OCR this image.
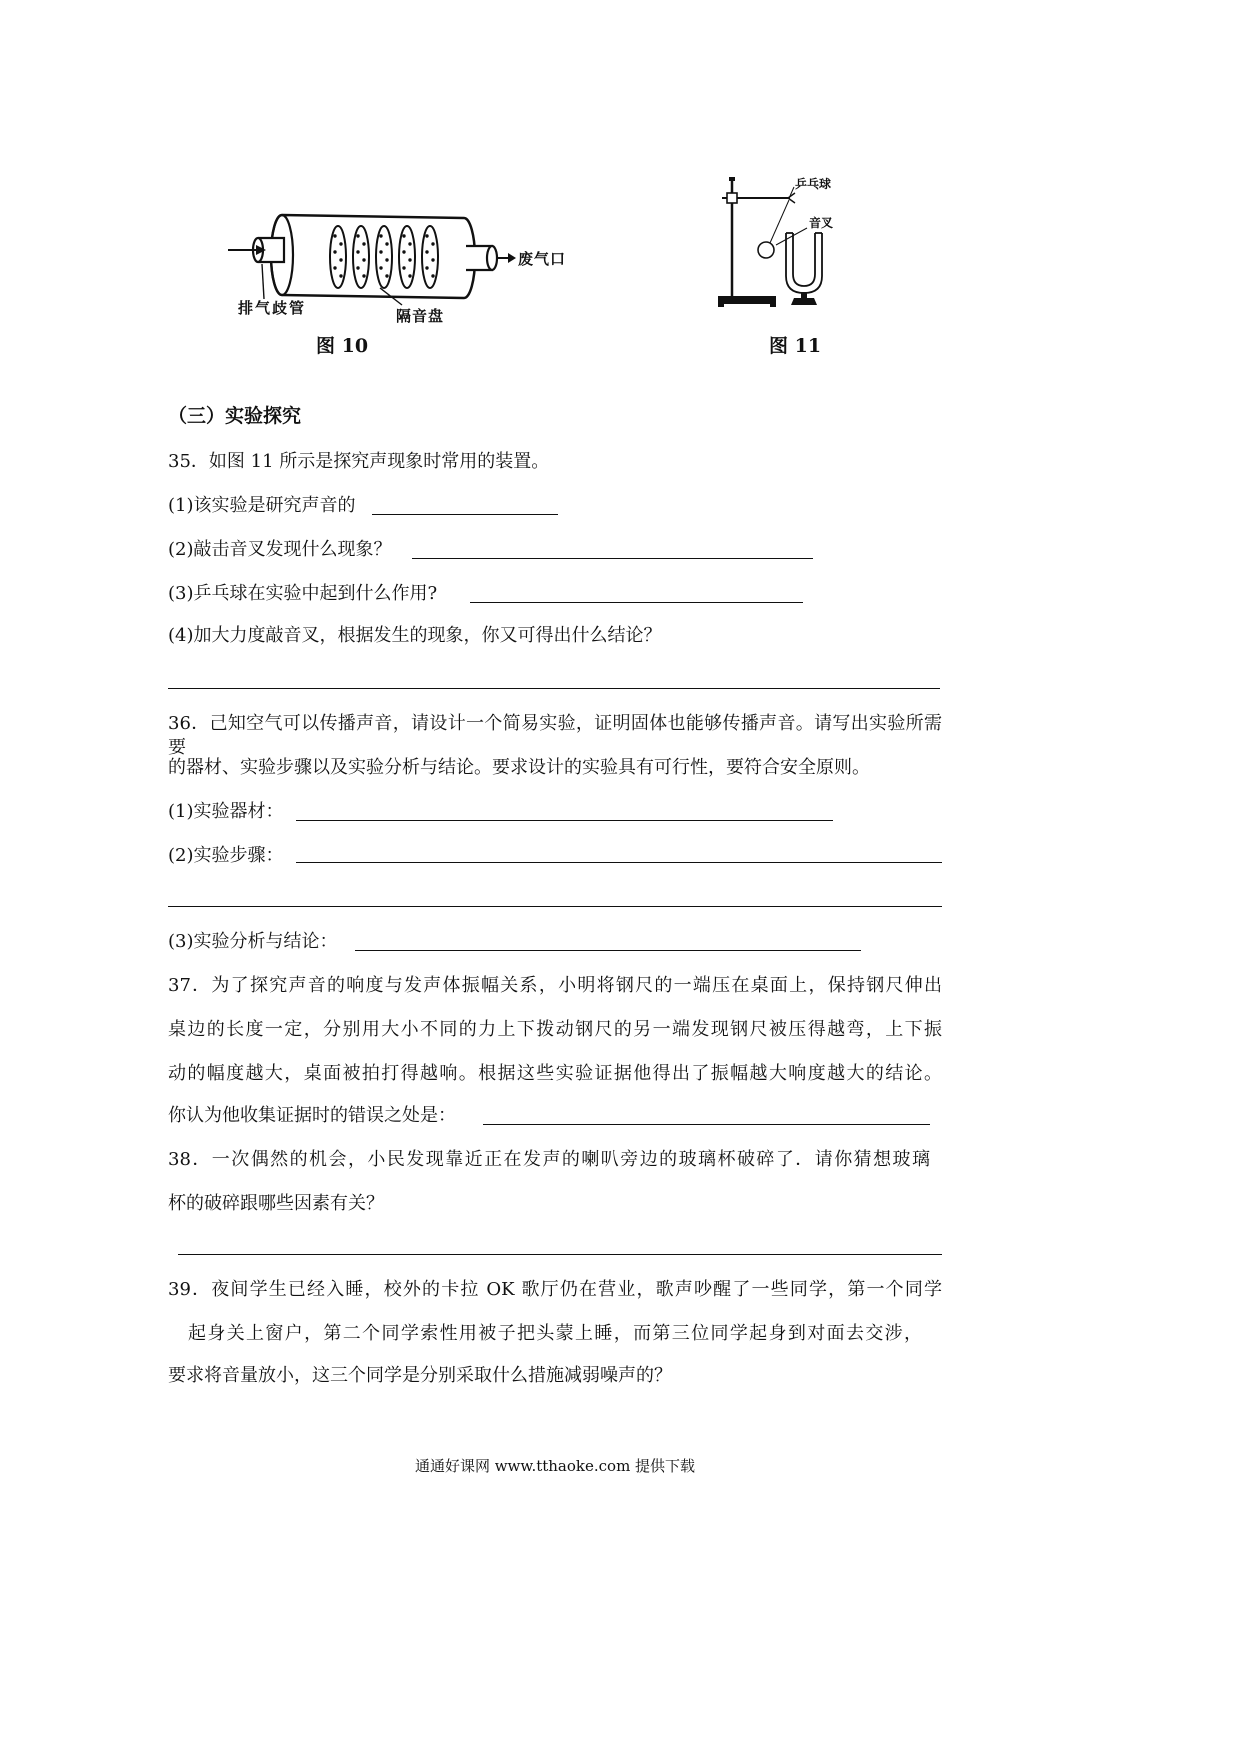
排气歧管	隔音盘
废气口
图 10
乒乓球
音叉
图 11
（三）实验探究
35．如图 11 所示是探究声现象时常用的装置。
(1)该实验是研究声音的
(2)敲击音叉发现什么现象？
(3)乒乓球在实验中起到什么作用?
(4)加大力度敲音叉，根据发生的现象，你又可得出什么结论？
36．己知空气可以传播声音，请设计一个简易实验，证明固体也能够传播声音。请写出实验所需要
的器材、实验步骤以及实验分析与结论。要求设计的实验具有可行性，要符合安全原则。
(1)实验器材：
(2)实验步骤：
(3)实验分析与结论：
37．为了探究声音的响度与发声体振幅关系，小明将钢尺的一端压在桌面上，保持钢尺伸出
桌边的长度一定，分别用大小不同的力上下拨动钢尺的另一端发现钢尺被压得越弯，上下振
动的幅度越大，桌面被拍打得越响。根据这些实验证据他得出了振幅越大响度越大的结论。
你认为他收集证据时的错误之处是：
38．一次偶然的机会，小民发现靠近正在发声的喇叭旁边的玻璃杯破碎了．请你猜想玻璃
杯的破碎跟哪些因素有关？
39．夜间学生已经入睡，校外的卡拉 OK 歌厅仍在营业，歌声吵醒了一些同学，第一个同学
起身关上窗户，第二个同学索性用被子把头蒙上睡，而第三位同学起身到对面去交涉，
要求将音量放小，这三个同学是分别采取什么措施减弱噪声的？
通通好课网 www.tthaoke.com 提供下载
